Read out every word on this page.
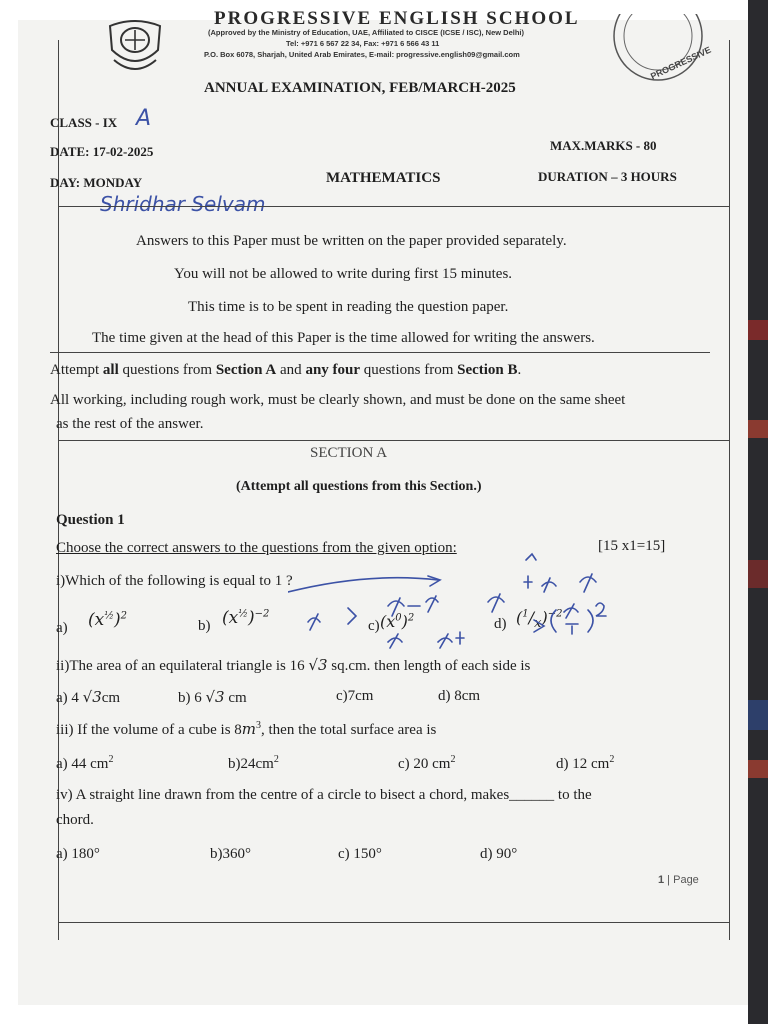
PROGRESSIVE ENGLISH SCHOOL
(Approved by the Ministry of Education, UAE, Affiliated to CISCE (ICSE / ISC), New Delhi)
Tel: +971 6 567 22 34, Fax: +971 6 566 43 11
P.O. Box 6078, Sharjah, United Arab Emirates, E-mail: progressive.english09@gmail.com	PROGRESSIVE
ANNUAL EXAMINATION, FEB/MARCH-2025
CLASS - IX A
DATE: 17-02-2025	MAX.MARKS - 80
DAY: MONDAY	MATHEMATICS	DURATION – 3 HOURS
Shridhar Selvam
Answers to this Paper must be written on the paper provided separately.
You will not be allowed to write during first 15 minutes.
This time is to be spent in reading the question paper.
The time given at the head of this Paper is the time allowed for writing the answers.
Attempt all questions from Section A and any four questions from Section B.
All working, including rough work, must be clearly shown, and must be done on the same sheet
as the rest of the answer.
SECTION A
(Attempt all questions from this Section.)
Question 1
Choose the correct answers to the questions from the given option:	[15 x1=15]
i)Which of the following is equal to 1 ?
a) $(x^{\frac{1}{2}})^2$
b) $(x^{\frac{1}{2}})^{-2}$
c) $(x^0)^2$	d) $(^1/_x)^{-2}$
ii)The area of an equilateral triangle is 16 √3 sq.cm. then length of each side is
a) 4 √3cm	b) 6 √3 cm	c)7cm	d) 8cm
iii) If the volume of a cube is $8m^3$, then the total surface area is
a) 44 $cm^2$	$b)24cm^2$	c) 20 $cm^2$	d) 12 $cm^2$
iv) A straight line drawn from the centre of a circle to bisect a chord, makes______ to the
chord.
a) 180°	b)360°	c) 150°	d) 90°
1 | Page
